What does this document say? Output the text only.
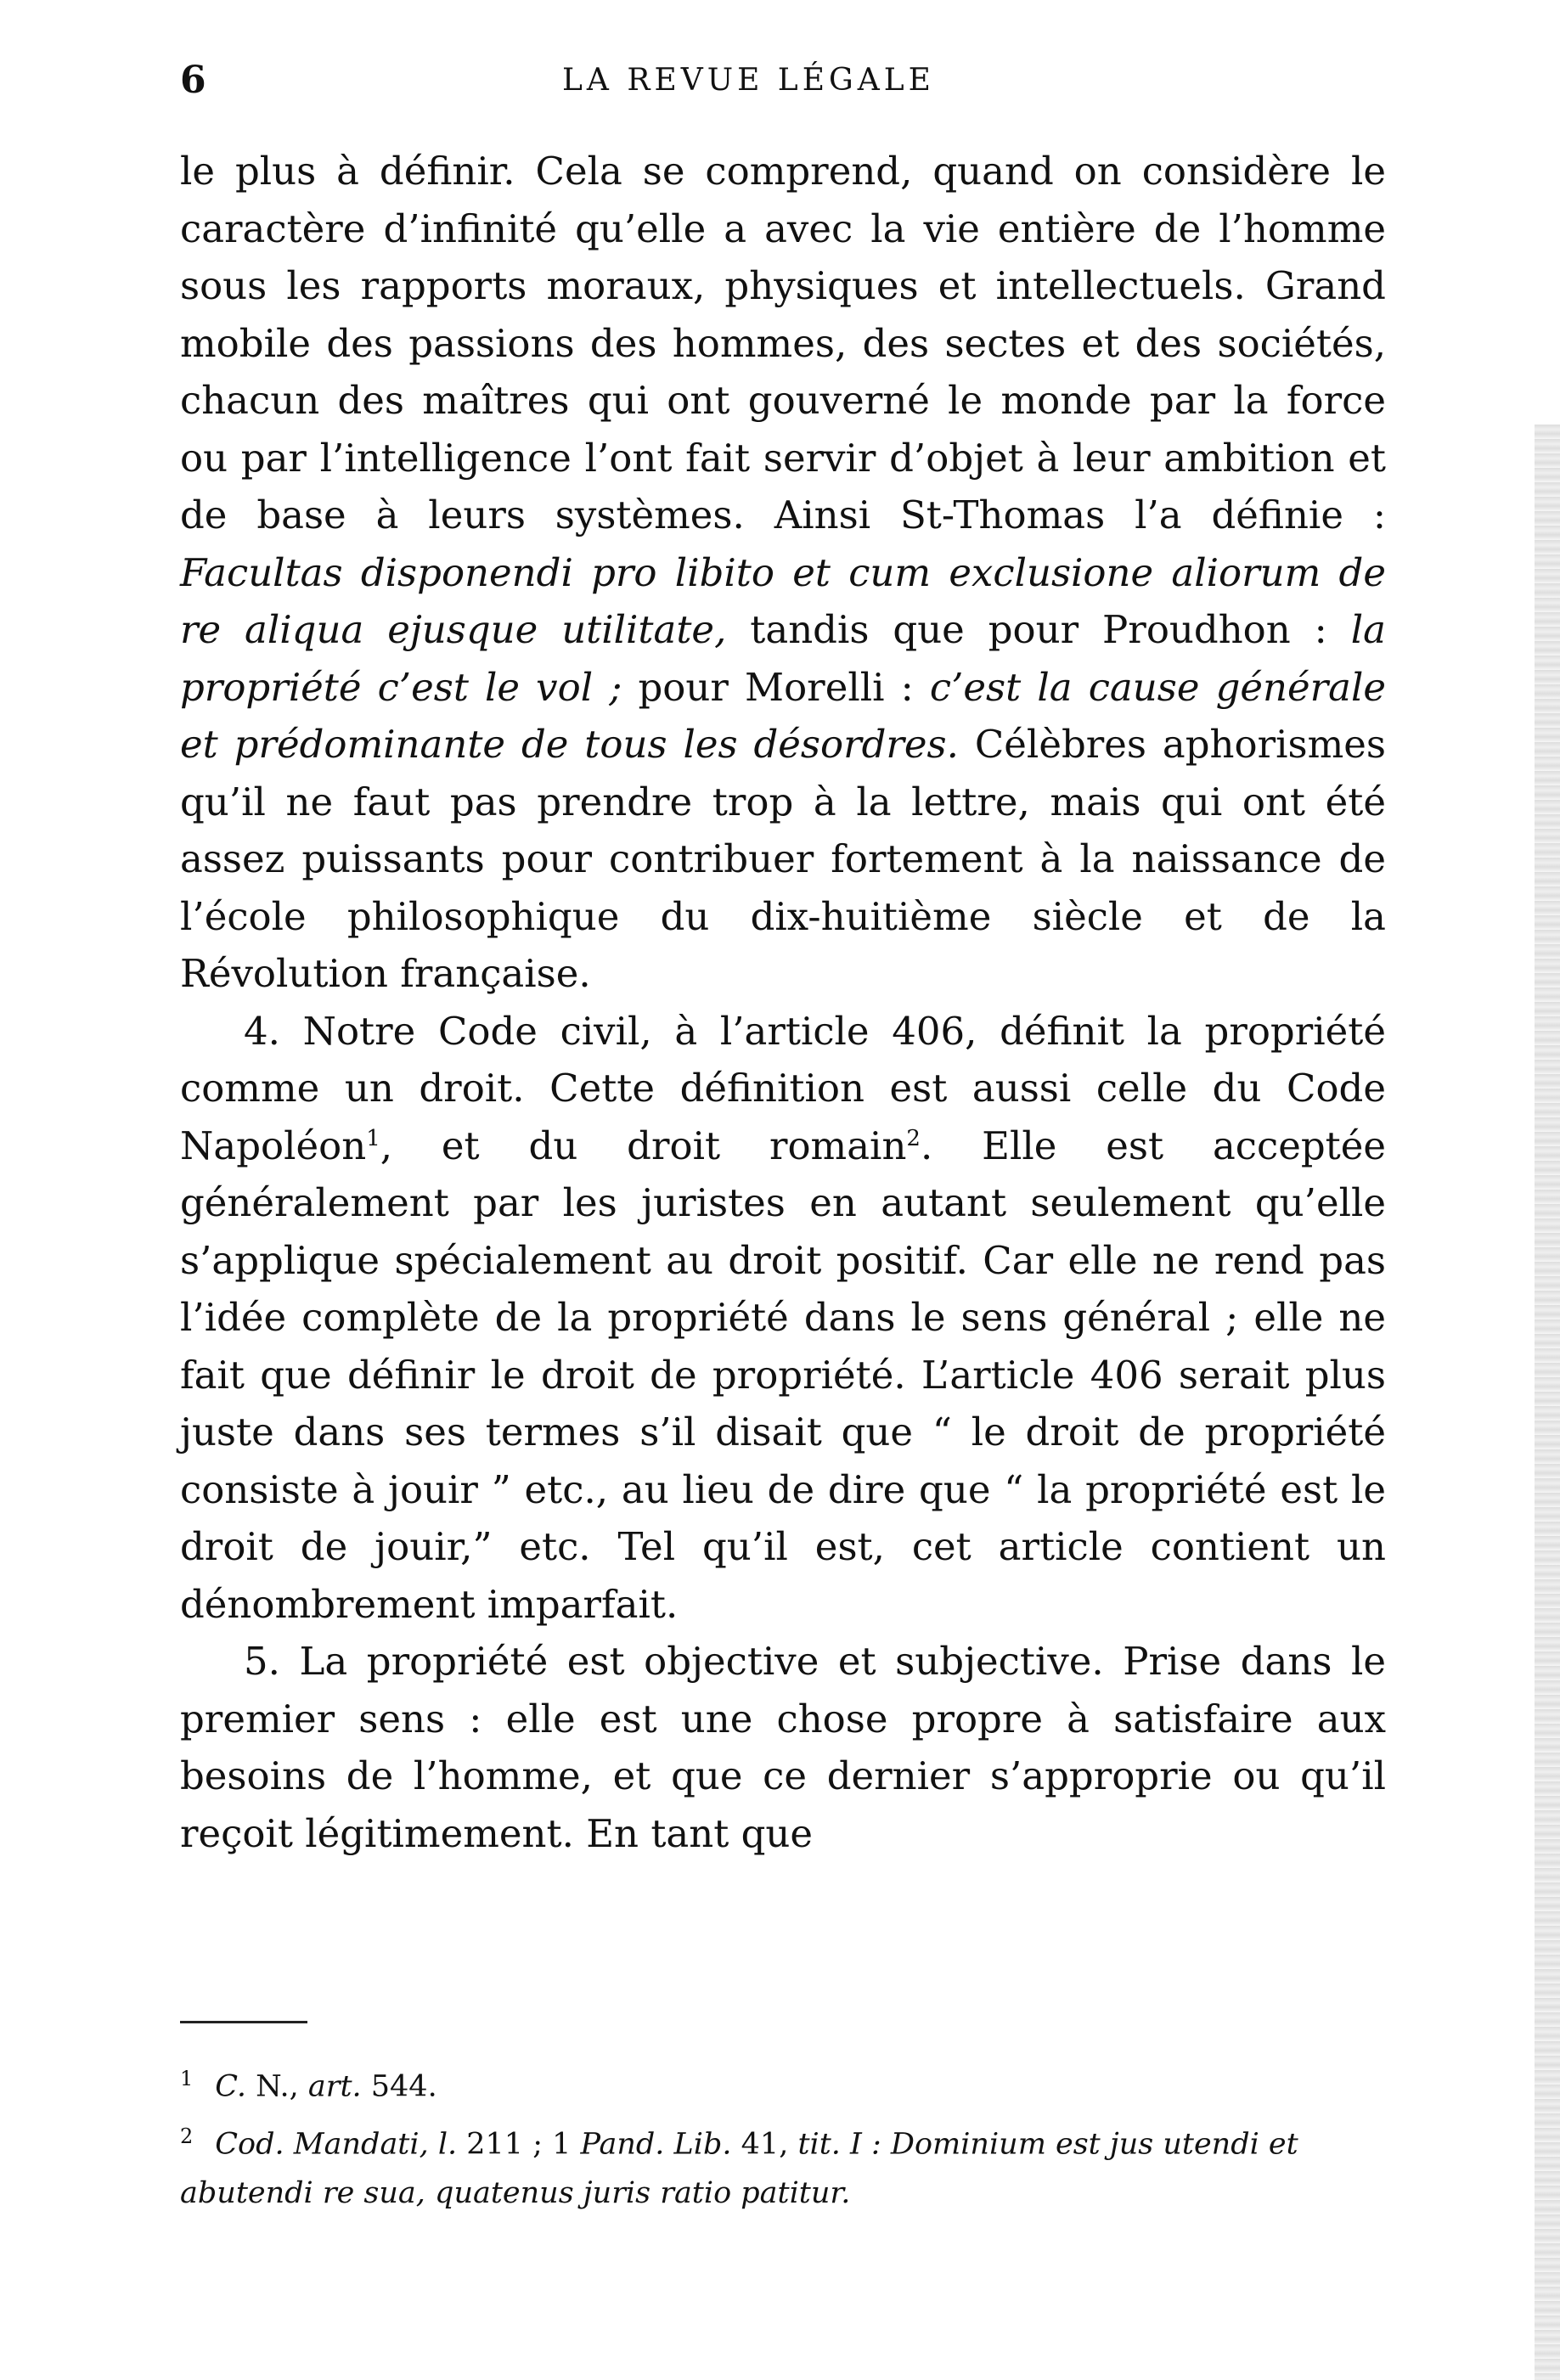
6	LA REVUE LÉGALE

le plus à définir. Cela se comprend, quand on considère le caractère d’infinité qu’elle a avec la vie entière de l’homme sous les rapports moraux, physiques et intellectuels. Grand mobile des passions des hommes, des sectes et des sociétés, chacun des maîtres qui ont gouverné le monde par la force ou par l’intelligence l’ont fait servir d’objet à leur ambition et de base à leurs systèmes. Ainsi St-Thomas l’a définie : Facultas disponendi pro libito et cum exclusione aliorum de re aliqua ejusque utilitate, tandis que pour Proudhon : la propriété c’est le vol ; pour Morelli : c’est la cause générale et prédominante de tous les désordres. Célèbres aphorismes qu’il ne faut pas prendre trop à la lettre, mais qui ont été assez puissants pour contribuer fortement à la naissance de l’école philosophique du dix-huitième siècle et de la Révolution française.

4. Notre Code civil, à l’article 406, définit la propriété comme un droit. Cette définition est aussi celle du Code Napoléon$^1$, et du droit romain$^2$. Elle est acceptée généralement par les juristes en autant seulement qu’elle s’applique spécialement au droit positif. Car elle ne rend pas l’idée complète de la propriété dans le sens général ; elle ne fait que définir le droit de propriété. L’article 406 serait plus juste dans ses termes s’il disait que “ le droit de propriété consiste à jouir ” etc., au lieu de dire que “ la propriété est le droit de jouir,” etc. Tel qu’il est, cet article contient un dénombrement imparfait.

5. La propriété est objective et subjective. Prise dans le premier sens : elle est une chose propre à satisfaire aux besoins de l’homme, et que ce dernier s’approprie ou qu’il reçoit légitimement. En tant que

$^1$ C. N., art. 544.

$^2$ Cod. Mandati, l. 211 ; 1 Pand. Lib. 41, tit. I : Dominium est jus utendi et abutendi re sua, quatenus juris ratio patitur.
